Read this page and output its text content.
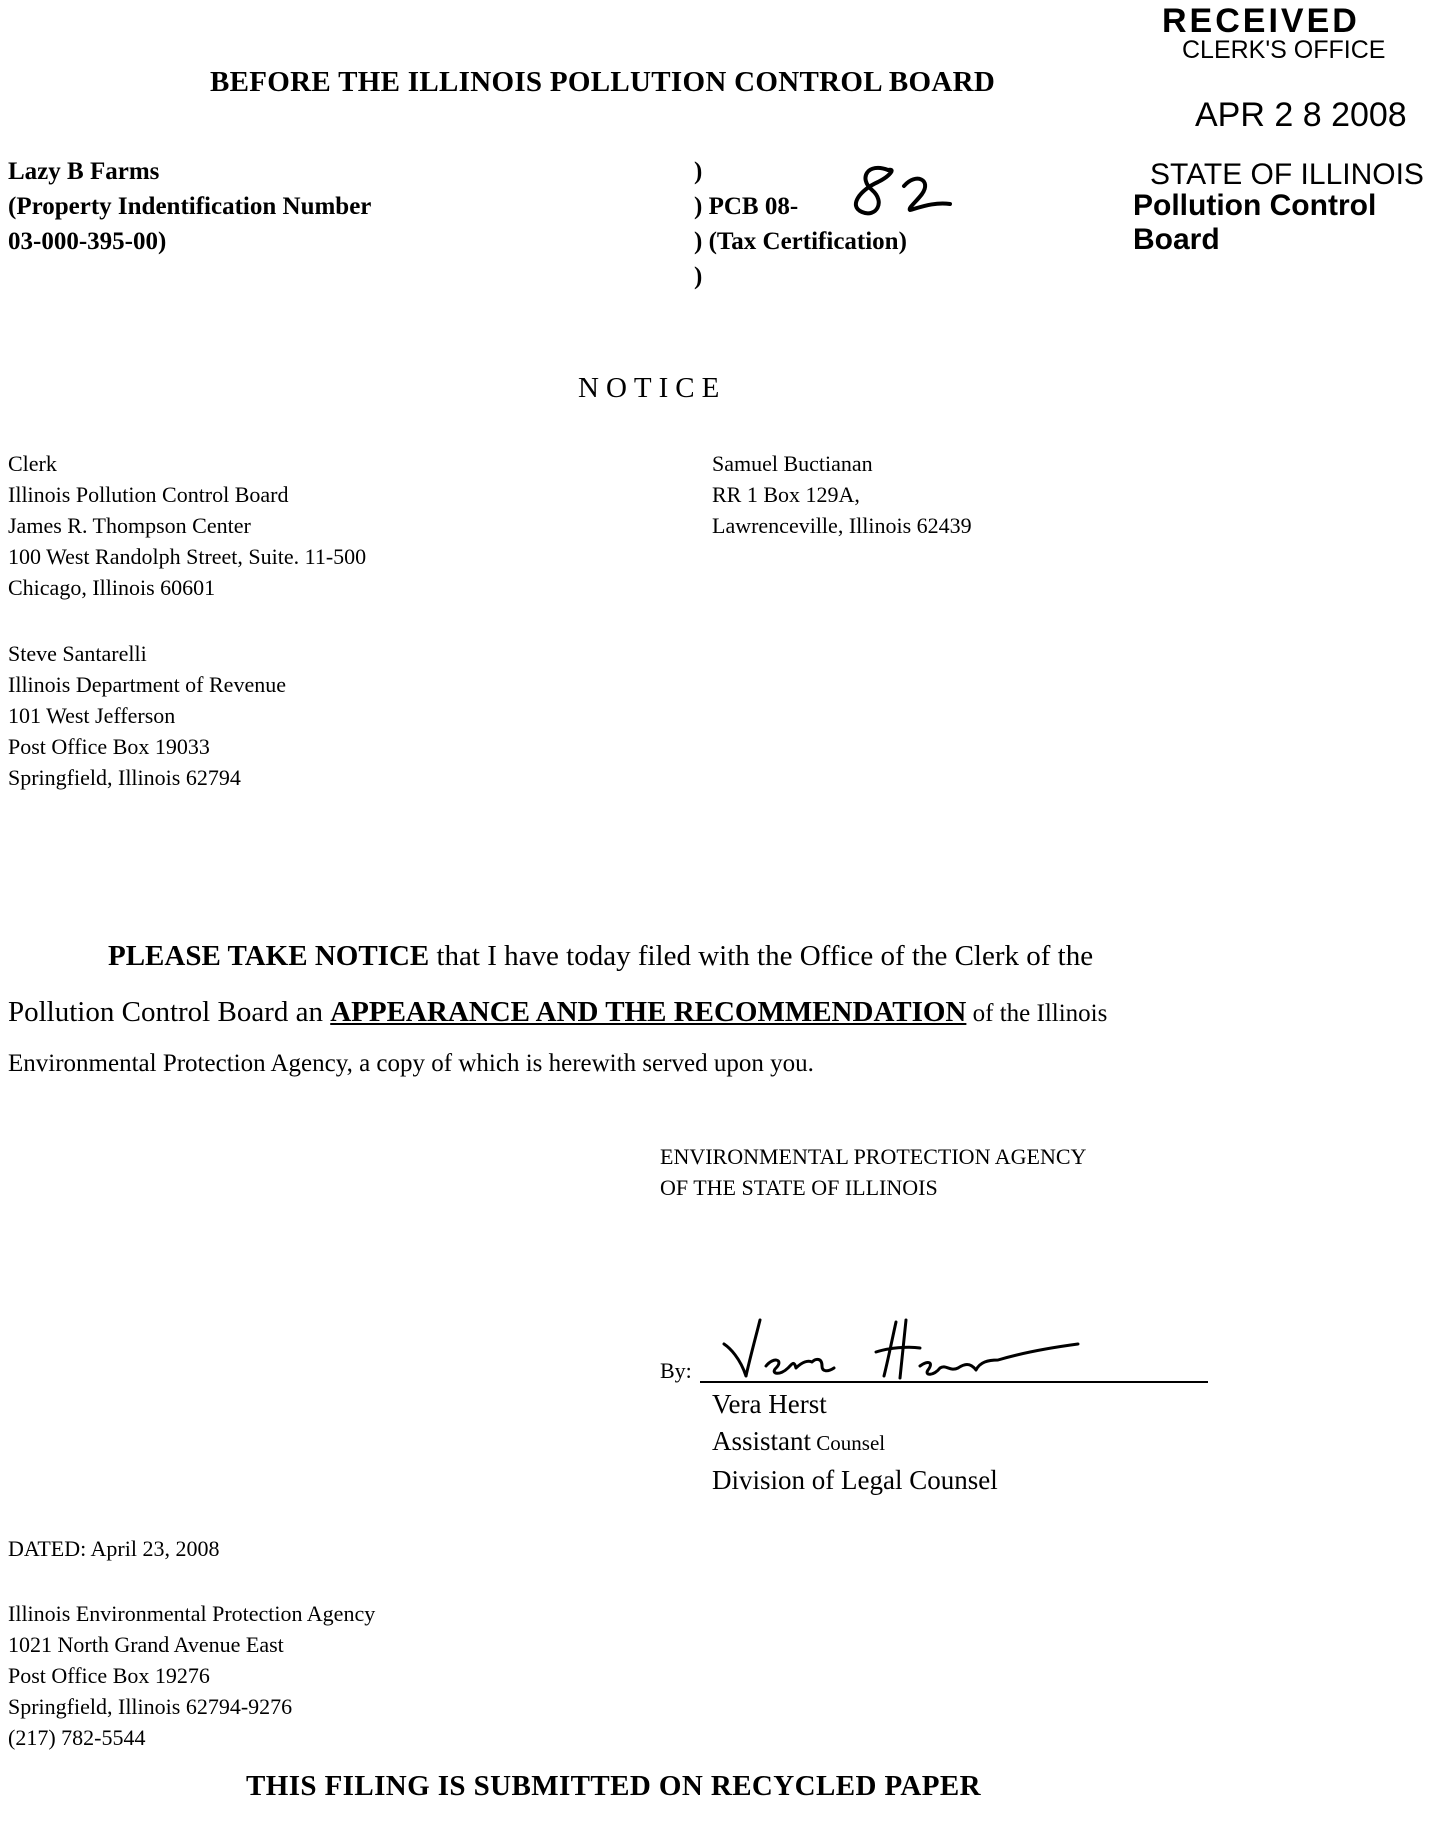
RECEIVED
CLERK'S OFFICE
APR 2 8 2008
STATE OF ILLINOIS
Pollution Control Board
BEFORE THE ILLINOIS POLLUTION CONTROL BOARD
Lazy B Farms
(Property Indentification Number
03-000-395-00)
)
) PCB 08-
) (Tax Certification)
)
NOTICE
Clerk
Illinois Pollution Control Board
James R. Thompson Center
100 West Randolph Street, Suite. 11-500
Chicago, Illinois 60601
Samuel Buctianan
RR 1 Box 129A,
Lawrenceville, Illinois 62439
Steve Santarelli
Illinois Department of Revenue
101 West Jefferson
Post Office Box 19033
Springfield, Illinois 62794
PLEASE TAKE NOTICE that I have today filed with the Office of the Clerk of the
Pollution Control Board an APPEARANCE AND THE RECOMMENDATION of the Illinois
Environmental Protection Agency, a copy of which is herewith served upon you.
ENVIRONMENTAL PROTECTION AGENCY
OF THE STATE OF ILLINOIS
By:
Vera Herst
Assistant Counsel
Division of Legal Counsel
DATED: April 23, 2008
Illinois Environmental Protection Agency
1021 North Grand Avenue East
Post Office Box 19276
Springfield, Illinois 62794-9276
(217) 782-5544
THIS FILING IS SUBMITTED ON RECYCLED PAPER
